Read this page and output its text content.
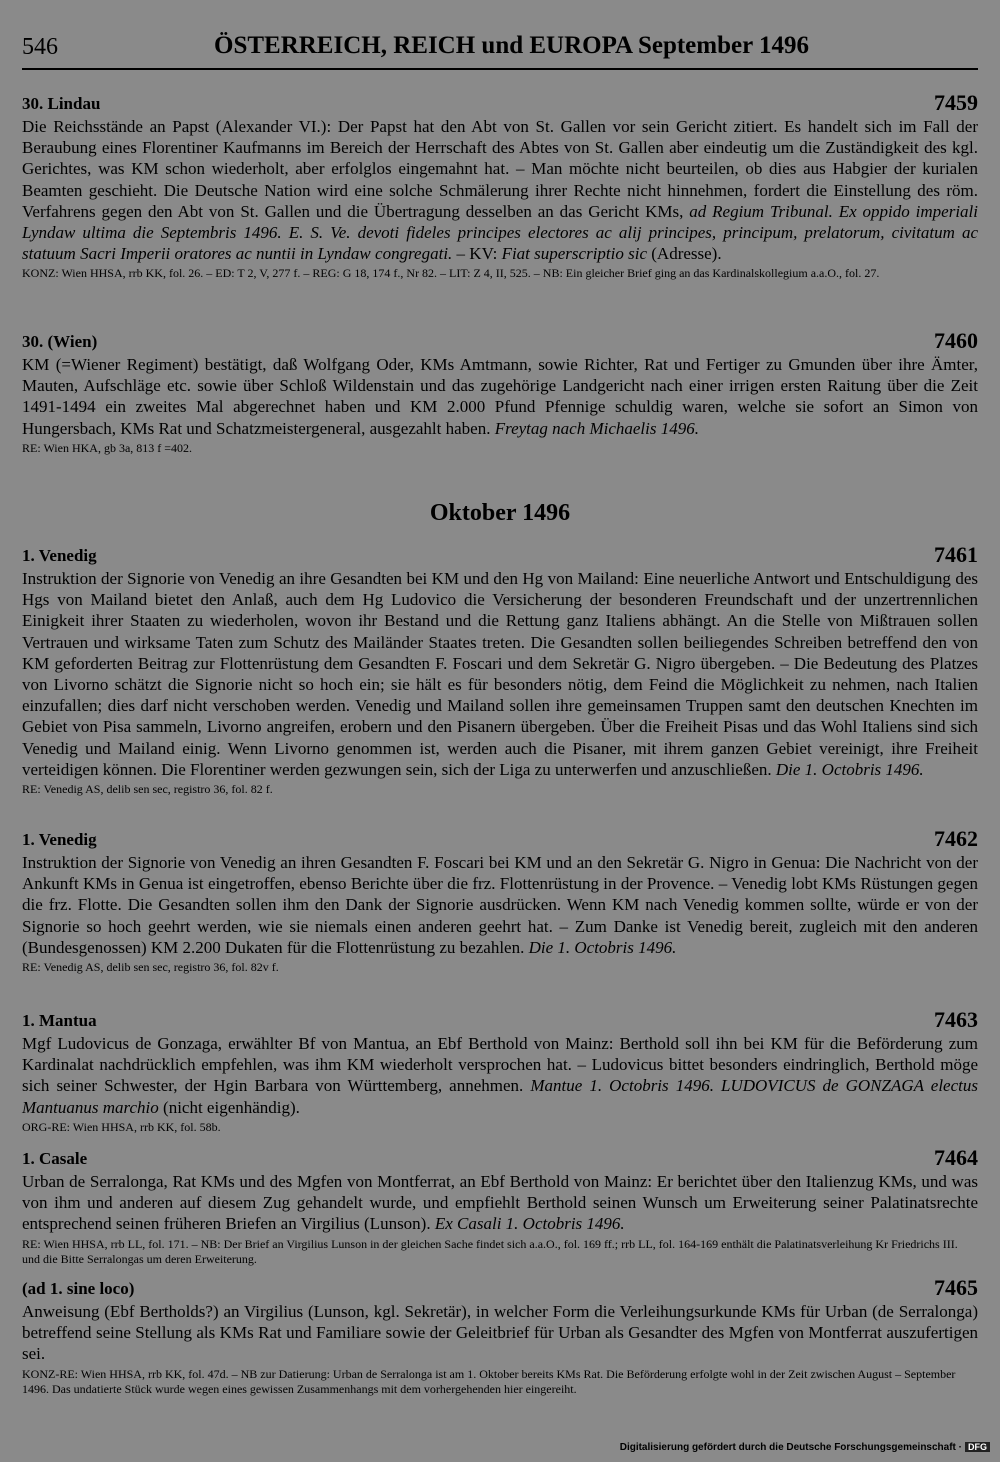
546	ÖSTERREICH, REICH und EUROPA September 1496
30. Lindau	7459

Die Reichsstände an Papst (Alexander VI.): Der Papst hat den Abt von St. Gallen vor sein Gericht zitiert. Es handelt sich im Fall der Beraubung eines Florentiner Kaufmanns im Bereich der Herrschaft des Abtes von St. Gallen aber eindeutig um die Zuständigkeit des kgl. Gerichtes, was KM schon wiederholt, aber erfolglos eingemahnt hat. – Man möchte nicht beurteilen, ob dies aus Habgier der kurialen Beamten geschieht. Die Deutsche Nation wird eine solche Schmälerung ihrer Rechte nicht hinnehmen, fordert die Einstellung des röm. Verfahrens gegen den Abt von St. Gallen und die Übertragung desselben an das Gericht KMs, ad Regium Tribunal. Ex oppido imperiali Lyndaw ultima die Septembris 1496. E. S. Ve. devoti fideles principes electores ac alij principes, principum, prelatorum, civitatum ac statuum Sacri Imperii oratores ac nuntii in Lyndaw congregati. – KV: Fiat superscriptio sic (Adresse).

KONZ: Wien HHSA, rrb KK, fol. 26. – ED: T 2, V, 277 f. – REG: G 18, 174 f., Nr 82. – LIT: Z 4, II, 525. – NB: Ein gleicher Brief ging an das Kardinalskollegium a.a.O., fol. 27.

30. (Wien)	7460

KM (=Wiener Regiment) bestätigt, daß Wolfgang Oder, KMs Amtmann, sowie Richter, Rat und Fertiger zu Gmunden über ihre Ämter, Mauten, Aufschläge etc. sowie über Schloß Wildenstain und das zugehörige Landgericht nach einer irrigen ersten Raitung über die Zeit 1491-1494 ein zweites Mal abgerechnet haben und KM 2.000 Pfund Pfennige schuldig waren, welche sie sofort an Simon von Hungersbach, KMs Rat und Schatzmeistergeneral, ausgezahlt haben. Freytag nach Michaelis 1496.

RE: Wien HKA, gb 3a, 813 f =402.

Oktober 1496
1. Venedig	7461

Instruktion der Signorie von Venedig an ihre Gesandten bei KM und den Hg von Mailand: Eine neuerliche Antwort und Entschuldigung des Hgs von Mailand bietet den Anlaß, auch dem Hg Ludovico die Versicherung der besonderen Freundschaft und der unzertrennlichen Einigkeit ihrer Staaten zu wiederholen, wovon ihr Bestand und die Rettung ganz Italiens abhängt. An die Stelle von Mißtrauen sollen Vertrauen und wirksame Taten zum Schutz des Mailänder Staates treten. Die Gesandten sollen beiliegendes Schreiben betreffend den von KM geforderten Beitrag zur Flottenrüstung dem Gesandten F. Foscari und dem Sekretär G. Nigro übergeben. – Die Bedeutung des Platzes von Livorno schätzt die Signorie nicht so hoch ein; sie hält es für besonders nötig, dem Feind die Möglichkeit zu nehmen, nach Italien einzufallen; dies darf nicht verschoben werden. Venedig und Mailand sollen ihre gemeinsamen Truppen samt den deutschen Knechten im Gebiet von Pisa sammeln, Livorno angreifen, erobern und den Pisanern übergeben. Über die Freiheit Pisas und das Wohl Italiens sind sich Venedig und Mailand einig. Wenn Livorno genommen ist, werden auch die Pisaner, mit ihrem ganzen Gebiet vereinigt, ihre Freiheit verteidigen können. Die Florentiner werden gezwungen sein, sich der Liga zu unterwerfen und anzuschließen. Die 1. Octobris 1496.

RE: Venedig AS, delib sen sec, registro 36, fol. 82 f.

1. Venedig	7462

Instruktion der Signorie von Venedig an ihren Gesandten F. Foscari bei KM und an den Sekretär G. Nigro in Genua: Die Nachricht von der Ankunft KMs in Genua ist eingetroffen, ebenso Berichte über die frz. Flottenrüstung in der Provence. – Venedig lobt KMs Rüstungen gegen die frz. Flotte. Die Gesandten sollen ihm den Dank der Signorie ausdrücken. Wenn KM nach Venedig kommen sollte, würde er von der Signorie so hoch geehrt werden, wie sie niemals einen anderen geehrt hat. – Zum Danke ist Venedig bereit, zugleich mit den anderen (Bundesgenossen) KM 2.200 Dukaten für die Flottenrüstung zu bezahlen. Die 1. Octobris 1496.

RE: Venedig AS, delib sen sec, registro 36, fol. 82v f.

1. Mantua	7463

Mgf Ludovicus de Gonzaga, erwählter Bf von Mantua, an Ebf Berthold von Mainz: Berthold soll ihn bei KM für die Beförderung zum Kardinalat nachdrücklich empfehlen, was ihm KM wiederholt versprochen hat. – Ludovicus bittet besonders eindringlich, Berthold möge sich seiner Schwester, der Hgin Barbara von Württemberg, annehmen. Mantue 1. Octobris 1496. LUDOVICUS de GONZAGA electus Mantuanus marchio (nicht eigenhändig).

ORG-RE: Wien HHSA, rrb KK, fol. 58b.

1. Casale	7464

Urban de Serralonga, Rat KMs und des Mgfen von Montferrat, an Ebf Berthold von Mainz: Er berichtet über den Italienzug KMs, und was von ihm und anderen auf diesem Zug gehandelt wurde, und empfiehlt Berthold seinen Wunsch um Erweiterung seiner Palatinatsrechte entsprechend seinen früheren Briefen an Virgilius (Lunson). Ex Casali 1. Octobris 1496.

RE: Wien HHSA, rrb LL, fol. 171. – NB: Der Brief an Virgilius Lunson in der gleichen Sache findet sich a.a.O., fol. 169 ff.; rrb LL, fol. 164-169 enthält die Palatinatsverleihung Kr Friedrichs III. und die Bitte Serralongas um deren Erweiterung.

(ad 1. sine loco)	7465

Anweisung (Ebf Bertholds?) an Virgilius (Lunson, kgl. Sekretär), in welcher Form die Verleihungsurkunde KMs für Urban (de Serralonga) betreffend seine Stellung als KMs Rat und Familiare sowie der Geleitbrief für Urban als Gesandter des Mgfen von Montferrat auszufertigen sei.

KONZ-RE: Wien HHSA, rrb KK, fol. 47d. – NB zur Datierung: Urban de Serralonga ist am 1. Oktober bereits KMs Rat. Die Beförderung erfolgte wohl in der Zeit zwischen August – September 1496. Das undatierte Stück wurde wegen eines gewissen Zusammenhangs mit dem vorhergehenden hier eingereiht.

Digitalisierung gefördert durch die Deutsche Forschungsgemeinschaft · DFG
